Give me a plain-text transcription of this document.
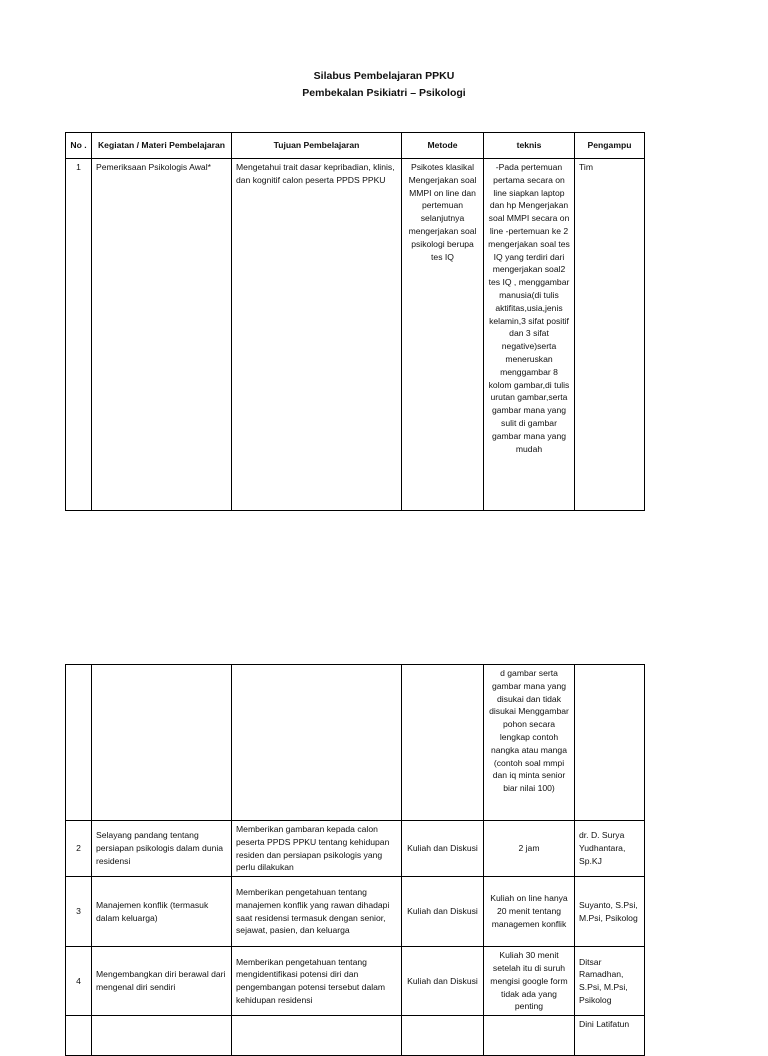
Silabus Pembelajaran PPKU
Pembekalan Psikiatri – Psikologi
No .	Kegiatan / Materi Pembelajaran	Tujuan Pembelajaran	Metode	teknis	Pengampu
1	Pemeriksaan Psikologis Awal*	Mengetahui trait dasar kepribadian, klinis, dan kognitif calon peserta PPDS PPKU	Psikotes klasikal Mengerjakan soal MMPI on line dan pertemuan selanjutnya mengerjakan soal psikologi berupa tes IQ	-Pada pertemuan pertama secara on line siapkan laptop dan hp Mengerjakan soal MMPI secara on line -pertemuan ke 2 mengerjakan soal tes IQ yang terdiri dari mengerjakan soal2 tes IQ , menggambar manusia(di tulis aktifitas,usia,jenis kelamin,3 sifat positif dan 3 sifat negative)serta meneruskan menggambar 8 kolom gambar,di tulis urutan gambar,serta gambar mana yang sulit di gambar gambar mana yang mudah	Tim
				d gambar serta gambar mana yang disukai dan tidak disukai Menggambar pohon secara lengkap contoh nangka atau manga (contoh soal mmpi dan iq minta senior biar nilai 100)	
2	Selayang pandang tentang persiapan psikologis dalam dunia residensi	Memberikan gambaran kepada calon peserta PPDS PPKU tentang kehidupan residen dan persiapan psikologis yang perlu dilakukan	Kuliah dan Diskusi	2 jam	dr. D. Surya Yudhantara, Sp.KJ
3	Manajemen konflik (termasuk dalam keluarga)	Memberikan pengetahuan tentang manajemen konflik yang rawan dihadapi saat residensi termasuk dengan senior, sejawat, pasien, dan keluarga	Kuliah dan Diskusi	Kuliah on line hanya 20 menit tentang managemen konflik	Suyanto, S.Psi, M.Psi, Psikolog
4	Mengembangkan diri berawal dari mengenal diri sendiri	Memberikan pengetahuan tentang mengidentifikasi potensi diri dan pengembangan potensi tersebut dalam kehidupan residensi	Kuliah dan Diskusi	Kuliah 30 menit setelah itu di suruh mengisi google form tidak ada yang penting	Ditsar Ramadhan, S.Psi, M.Psi, Psikolog
					Dini Latifatun
